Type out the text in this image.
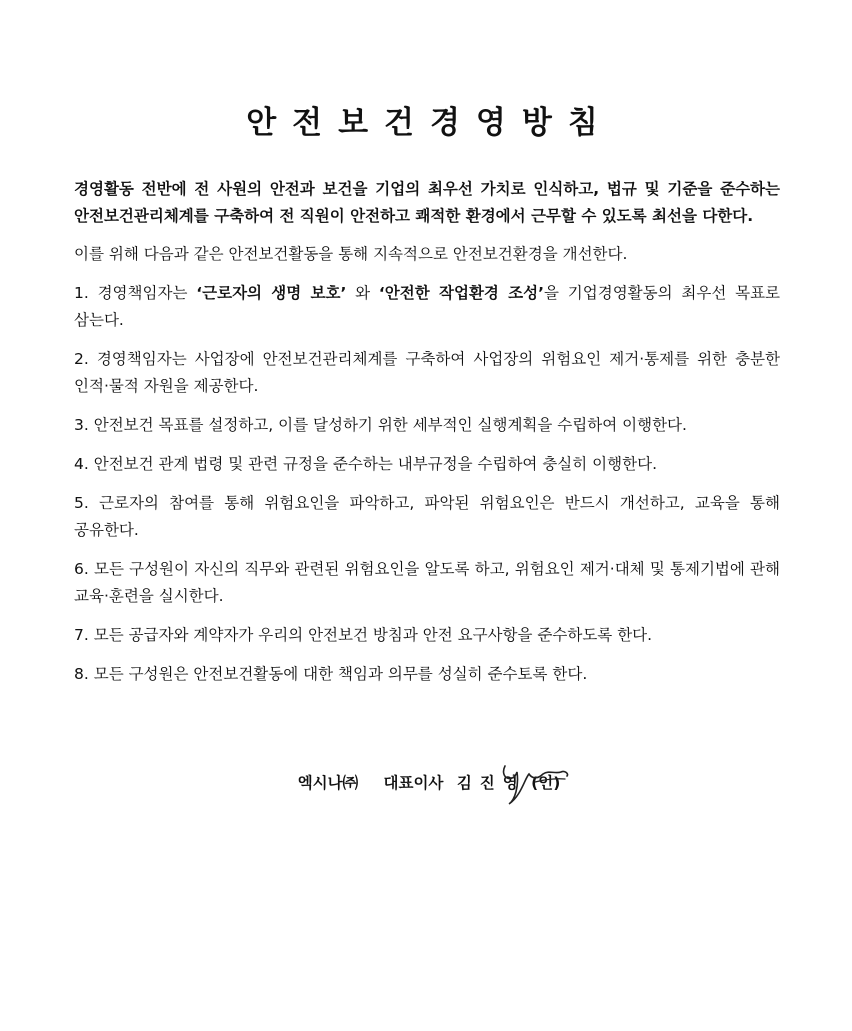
안전보건경영방침

경영활동 전반에 전 사원의 안전과 보건을 기업의 최우선 가치로 인식하고, 법규 및 기준을 준수하는 안전보건관리체계를 구축하여 전 직원이 안전하고 쾌적한 환경에서 근무할 수 있도록 최선을 다한다.

이를 위해 다음과 같은 안전보건활동을 통해 지속적으로 안전보건환경을 개선한다.

1. 경영책임자는 ‘근로자의 생명 보호’ 와 ‘안전한 작업환경 조성’을 기업경영활동의 최우선 목표로 삼는다.

2. 경영책임자는 사업장에 안전보건관리체계를 구축하여 사업장의 위험요인 제거·통제를 위한 충분한 인적·물적 자원을 제공한다.

3. 안전보건 목표를 설정하고, 이를 달성하기 위한 세부적인 실행계획을 수립하여 이행한다.

4. 안전보건 관계 법령 및 관련 규정을 준수하는 내부규정을 수립하여 충실히 이행한다.

5. 근로자의 참여를 통해 위험요인을 파악하고, 파악된 위험요인은 반드시 개선하고, 교육을 통해 공유한다.

6. 모든 구성원이 자신의 직무와 관련된 위험요인을 알도록 하고, 위험요인 제거·대체 및 통제기법에 관해 교육·훈련을 실시한다.

7. 모든 공급자와 계약자가 우리의 안전보건 방침과 안전 요구사항을 준수하도록 한다.

8. 모든 구성원은 안전보건활동에 대한 책임과 의무를 성실히 준수토록 한다.

엑시나㈜ 대표이사 김진영 (인)
